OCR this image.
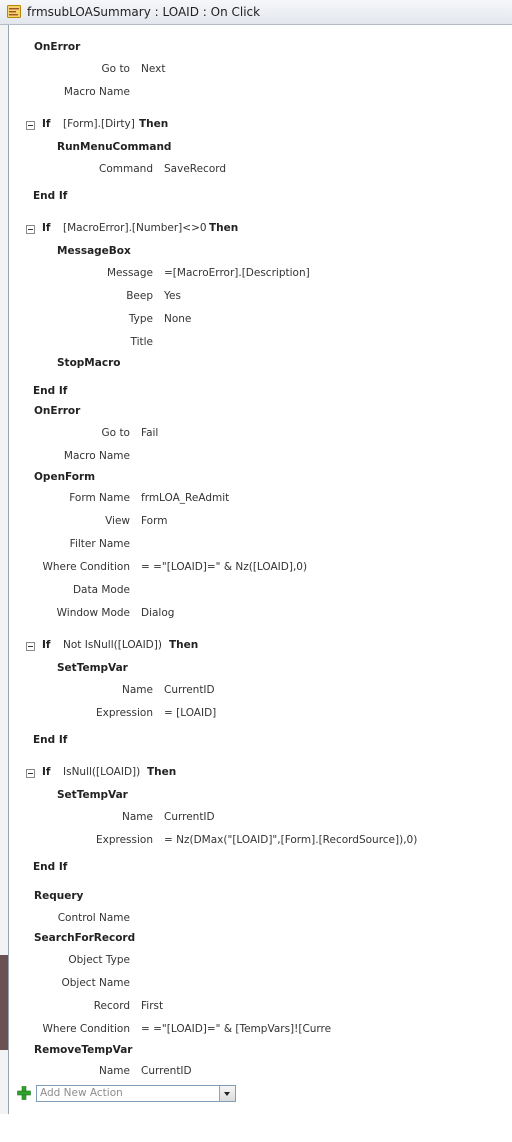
frmsubLOASummary : LOAID : On Click
OnError
Go to Next
Macro Name
If [Form].[Dirty] Then
RunMenuCommand
Command SaveRecord
End If
If [MacroError].[Number]<>0 Then
MessageBox
Message =[MacroError].[Description]
Beep Yes
Type None
Title
StopMacro
End If
OnError
Go to Fail
Macro Name
OpenForm
Form Name frmLOA_ReAdmit
View Form
Filter Name
Where Condition = ="[LOAID]=" & Nz([LOAID],0)
Data Mode
Window Mode Dialog
If Not IsNull([LOAID]) Then
SetTempVar
Name CurrentID
Expression = [LOAID]
End If
If IsNull([LOAID]) Then
SetTempVar
Name CurrentID
Expression = Nz(DMax("[LOAID]",[Form].[RecordSource]),0)
End If
Requery
Control Name
SearchForRecord
Object Type
Object Name
Record First
Where Condition = ="[LOAID]=" & [TempVars]![Curre
RemoveTempVar
Name CurrentID
Add New Action
